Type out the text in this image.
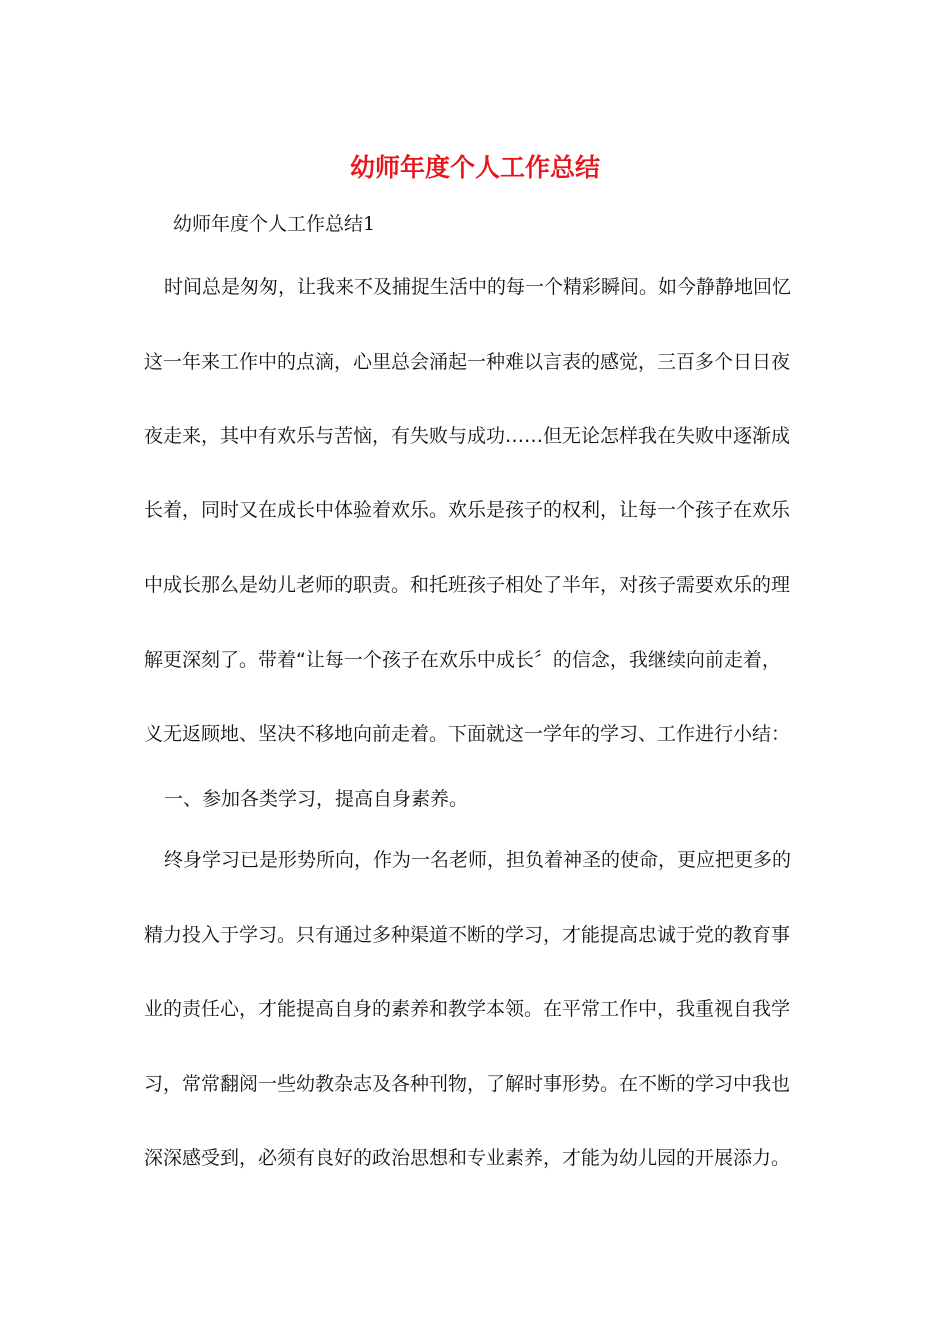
幼师年度个人工作总结

幼师年度个人工作总结1

时间总是匆匆，让我来不及捕捉生活中的每一个精彩瞬间。如今静静地回忆

这一年来工作中的点滴，心里总会涌起一种难以言表的感觉，三百多个日日夜

夜走来，其中有欢乐与苦恼，有失败与成功……但无论怎样我在失败中逐渐成

长着，同时又在成长中体验着欢乐。欢乐是孩子的权利，让每一个孩子在欢乐

中成长那么是幼儿老师的职责。和托班孩子相处了半年，对孩子需要欢乐的理

解更深刻了。带着“让每一个孩子在欢乐中成长〞的信念，我继续向前走着，

义无返顾地、坚决不移地向前走着。下面就这一学年的学习、工作进行小结：

一、参加各类学习，提高自身素养。

终身学习已是形势所向，作为一名老师，担负着神圣的使命，更应把更多的

精力投入于学习。只有通过多种渠道不断的学习，才能提高忠诚于党的教育事

业的责任心，才能提高自身的素养和教学本领。在平常工作中，我重视自我学

习，常常翻阅一些幼教杂志及各种刊物，了解时事形势。在不断的学习中我也

深深感受到，必须有良好的政治思想和专业素养，才能为幼儿园的开展添力。
